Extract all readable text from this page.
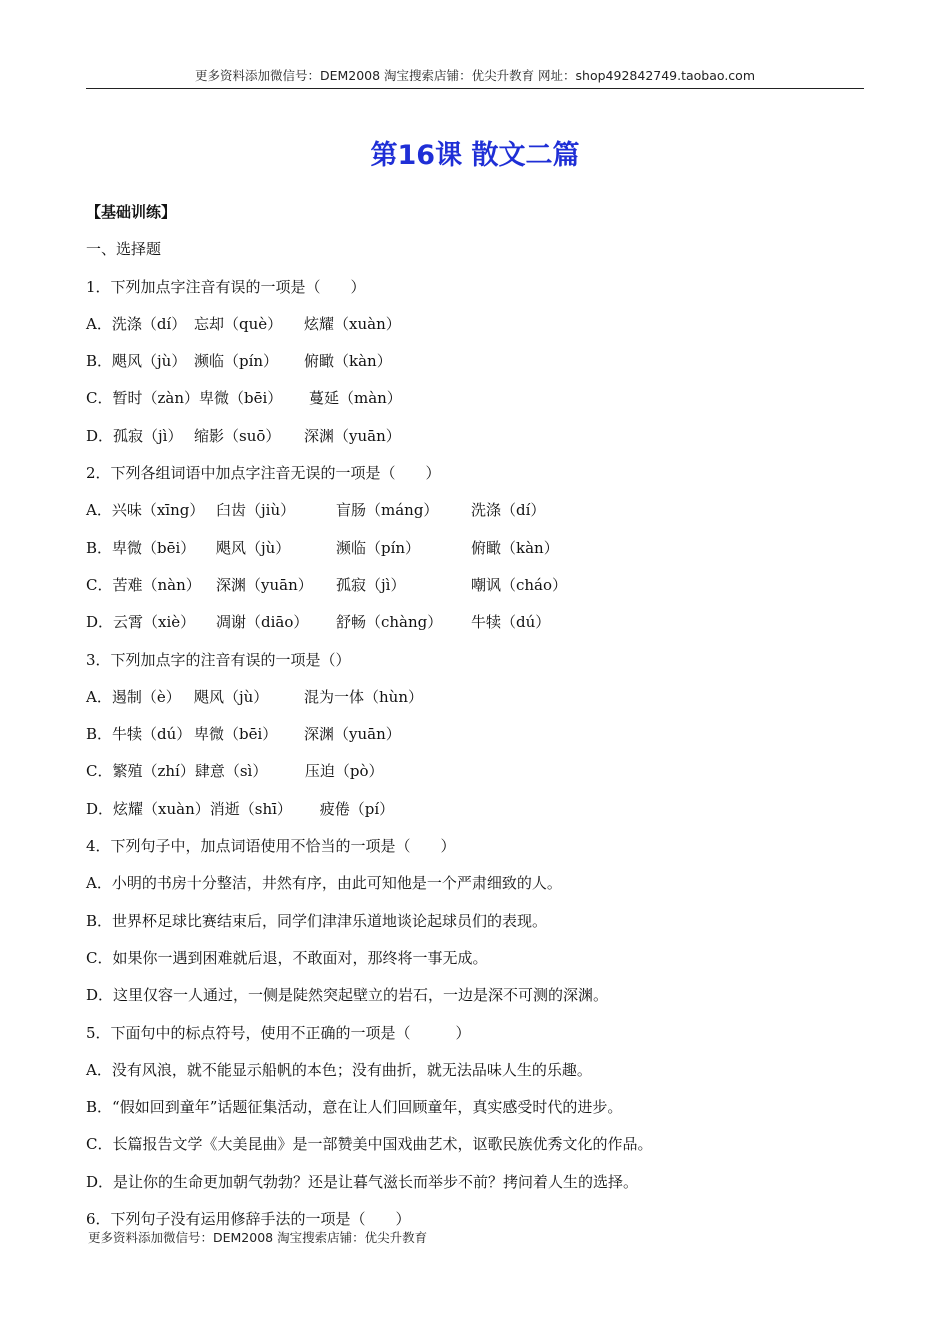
更多资料添加微信号：DEM2008 淘宝搜索店铺：优尖升教育 网址：shop492842749.taobao.com
第16课 散文二篇
【基础训练】
一、选择题
1．下列加点字注音有误的一项是（　　）
A．洗涤（dí） 忘却（què） 炫耀（xuàn）
B．飓风（jù） 濒临（pín） 俯瞰（kàn）
C．暂时（zàn）卑微（bēi） 蔓延（màn）
D．孤寂（jì） 缩影（suō） 深渊（yuān）
2．下列各组词语中加点字注音无误的一项是（　　）
A．兴味（xīng） 臼齿（jiù）	盲肠（máng） 洗涤（dí）
B．卑微（bēi） 飓风（jù）	濒临（pín）	俯瞰（kàn）
C．苦难（nàn） 深渊（yuān） 孤寂（jì）	嘲讽（cháo）
D．云霄（xiè） 凋谢（diāo） 舒畅（chàng） 牛犊（dú）
3．下列加点字的注音有误的一项是（）
A．遏制（è） 飓风（jù） 混为一体（hùn）
B．牛犊（dú） 卑微（bēi） 深渊（yuān）
C．繁殖（zhí）肆意（sì）	压迫（pò）
D．炫耀（xuàn）消逝（shī） 疲倦（pí）
4．下列句子中，加点词语使用不恰当的一项是（　　）
A．小明的书房十分整洁，井然有序，由此可知他是一个严肃细致的人。
B．世界杯足球比赛结束后，同学们津津乐道地谈论起球员们的表现。
C．如果你一遇到困难就后退，不敢面对，那终将一事无成。
D．这里仅容一人通过，一侧是陡然突起壁立的岩石，一边是深不可测的深渊。
5．下面句中的标点符号，使用不正确的一项是（　　　）
A．没有风浪，就不能显示船帆的本色；没有曲折，就无法品味人生的乐趣。
B．“假如回到童年”话题征集活动，意在让人们回顾童年，真实感受时代的进步。
C．长篇报告文学《大美昆曲》是一部赞美中国戏曲艺术，讴歌民族优秀文化的作品。
D．是让你的生命更加朝气勃勃？还是让暮气滋长而举步不前？拷问着人生的选择。
6．下列句子没有运用修辞手法的一项是（　　）
更多资料添加微信号：DEM2008 淘宝搜索店铺：优尖升教育
